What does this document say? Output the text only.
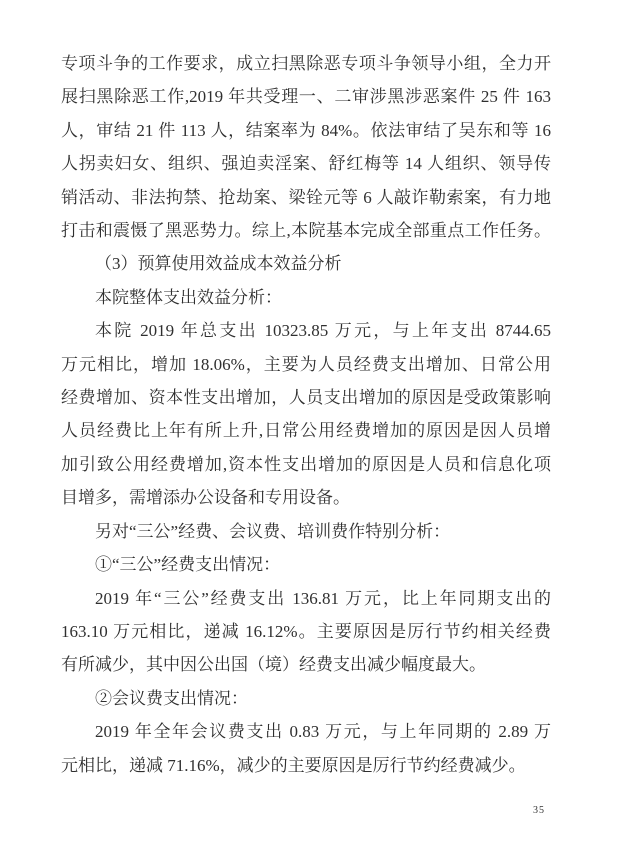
专项斗争的工作要求，成立扫黑除恶专项斗争领导小组，全力开
展扫黑除恶工作,2019 年共受理一、二审涉黑涉恶案件 25 件 163
人，审结 21 件 113 人，结案率为 84%。依法审结了吴东和等 16
人拐卖妇女、组织、强迫卖淫案、舒红梅等 14 人组织、领导传
销活动、非法拘禁、抢劫案、梁铨元等 6 人敲诈勒索案，有力地
打击和震慑了黑恶势力。综上,本院基本完成全部重点工作任务。
（3）预算使用效益成本效益分析
本院整体支出效益分析：
本院 2019 年总支出 10323.85 万元，与上年支出 8744.65
万元相比，增加 18.06%，主要为人员经费支出增加、日常公用
经费增加、资本性支出增加，人员支出增加的原因是受政策影响
人员经费比上年有所上升,日常公用经费增加的原因是因人员增
加引致公用经费增加,资本性支出增加的原因是人员和信息化项
目增多，需增添办公设备和专用设备。
另对“三公”经费、会议费、培训费作特别分析：
①“三公”经费支出情况：
2019 年“三公”经费支出 136.81 万元，比上年同期支出的
163.10 万元相比，递减 16.12%。主要原因是厉行节约相关经费
有所减少，其中因公出国（境）经费支出减少幅度最大。
②会议费支出情况：
2019 年全年会议费支出 0.83 万元，与上年同期的 2.89 万
元相比，递减 71.16%，减少的主要原因是厉行节约经费减少。
35
